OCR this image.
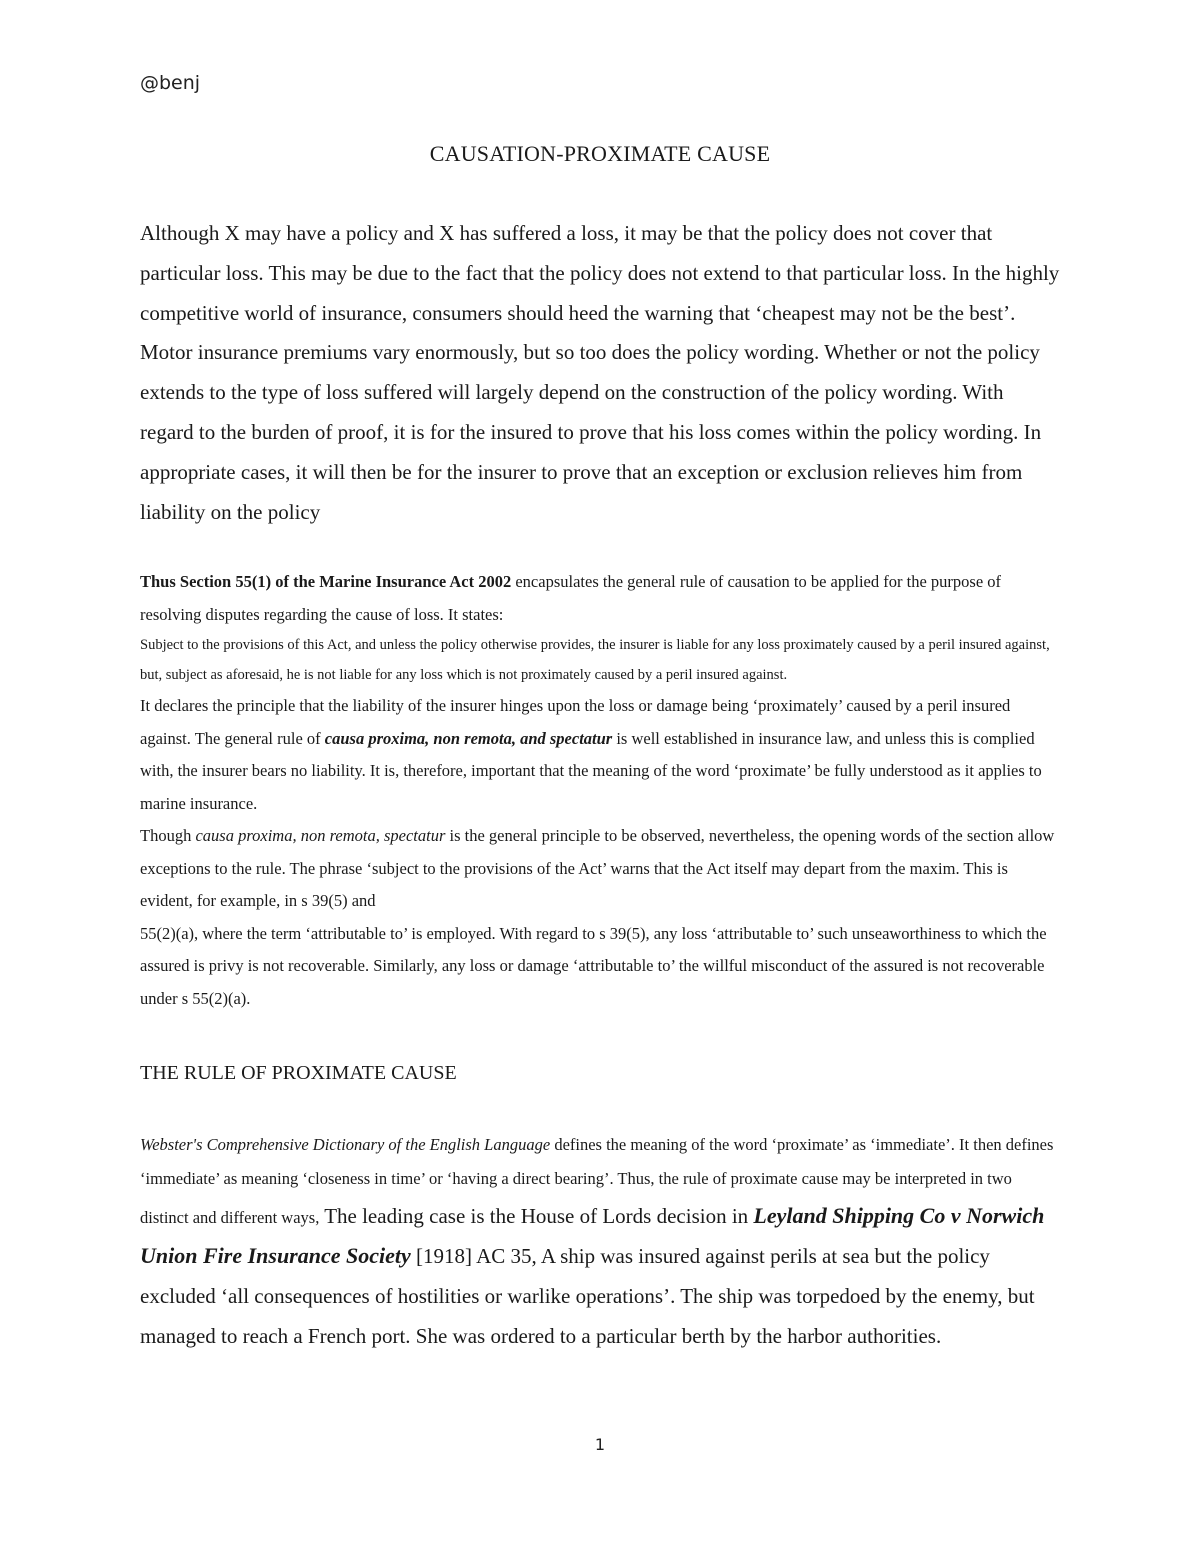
@benj
CAUSATION-PROXIMATE CAUSE

Although X may have a policy and X has suffered a loss, it may be that the policy does not cover that particular loss. This may be due to the fact that the policy does not extend to that particular loss. In the highly competitive world of insurance, consumers should heed the warning that ‘cheapest may not be the best’. Motor insurance premiums vary enormously, but so too does the policy wording. Whether or not the policy extends to the type of loss suffered will largely depend on the construction of the policy wording. With regard to the burden of proof, it is for the insured to prove that his loss comes within the policy wording. In appropriate cases, it will then be for the insurer to prove that an exception or exclusion relieves him from liability on the policy

Thus Section 55(1) of the Marine Insurance Act 2002 encapsulates the general rule of causation to be applied for the purpose of resolving disputes regarding the cause of loss. It states:

Subject to the provisions of this Act, and unless the policy otherwise provides, the insurer is liable for any loss proximately caused by a peril insured against, but, subject as aforesaid, he is not liable for any loss which is not proximately caused by a peril insured against.

It declares the principle that the liability of the insurer hinges upon the loss or damage being ‘proximately’ caused by a peril insured against. The general rule of causa proxima, non remota, and spectatur is well established in insurance law, and unless this is complied with, the insurer bears no liability. It is, therefore, important that the meaning of the word ‘proximate’ be fully understood as it applies to marine insurance.

Though causa proxima, non remota, spectatur is the general principle to be observed, nevertheless, the opening words of the section allow exceptions to the rule. The phrase ‘subject to the provisions of the Act’ warns that the Act itself may depart from the maxim. This is evident, for example, in s 39(5) and

55(2)(a), where the term ‘attributable to’ is employed. With regard to s 39(5), any loss ‘attributable to’ such unseaworthiness to which the assured is privy is not recoverable. Similarly, any loss or damage ‘attributable to’ the willful misconduct of the assured is not recoverable under s 55(2)(a).

THE RULE OF PROXIMATE CAUSE

Webster's Comprehensive Dictionary of the English Language defines the meaning of the word ‘proximate’ as ‘immediate’. It then defines ‘immediate’ as meaning ‘closeness in time’ or ‘having a direct bearing’. Thus, the rule of proximate cause may be interpreted in two distinct and different ways, The leading case is the House of Lords decision in Leyland Shipping Co v Norwich Union Fire Insurance Society [1918] AC 35, A ship was insured against perils at sea but the policy excluded ‘all consequences of hostilities or warlike operations’. The ship was torpedoed by the enemy, but managed to reach a French port. She was ordered to a particular berth by the harbor authorities.

1
